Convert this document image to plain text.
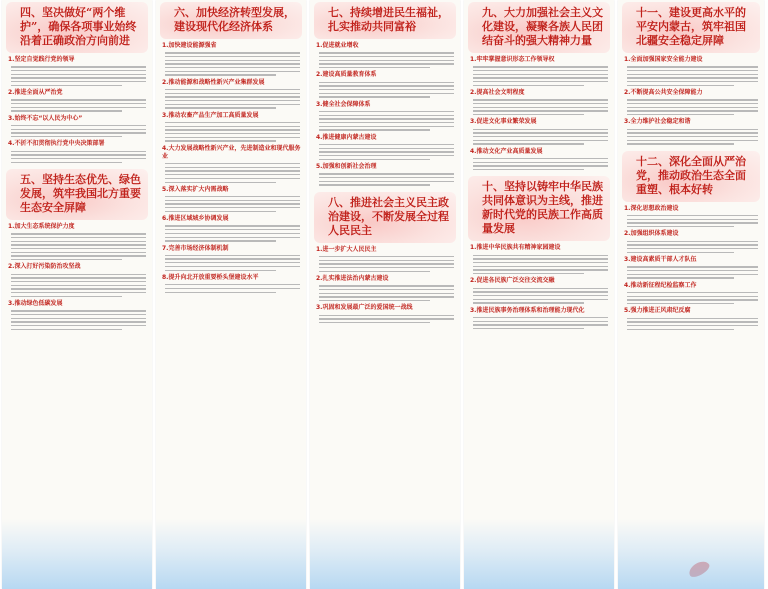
四、坚决做好“两个维护”，确保各项事业始终沿着正确政治方向前进
1.坚定自觉践行党的领导
2.推进全面从严治党
3.始终不忘“以人民为中心”
4.不折不扣贯彻执行党中央决策部署
五、坚持生态优先、绿色发展，筑牢我国北方重要生态安全屏障
1.加大生态系统保护力度
2.深入打好污染防治攻坚战
3.推动绿色低碳发展
六、加快经济转型发展，建设现代化经济体系
1.加快建设能源强省
2.推动能源和战略性新兴产业集群发展
3.推动农畜产品生产加工高质量发展
4.大力发展战略性新兴产业，先进制造业和现代服务业
5.深入落实扩大内需战略
6.推进区域城乡协调发展
7.完善市场经济体制机制
8.提升向北开放重要桥头堡建设水平
七、持续增进民生福祉，扎实推动共同富裕
1.促进就业增收
2.建设高质量教育体系
3.健全社会保障体系
4.推进健康内蒙古建设
5.加强和创新社会治理
八、推进社会主义民主政治建设，不断发展全过程人民民主
1.进一步扩大人民民主
2.扎实推进法治内蒙古建设
3.巩固和发展最广泛的爱国统一战线
九、大力加强社会主义文化建设，凝聚各族人民团结奋斗的强大精神力量
1.牢牢掌握意识形态工作领导权
2.提高社会文明程度
3.促进文化事业繁荣发展
4.推动文化产业高质量发展
十、坚持以铸牢中华民族共同体意识为主线，推进新时代党的民族工作高质量发展
1.推进中华民族共有精神家园建设
2.促进各民族广泛交往交流交融
3.推进民族事务治理体系和治理能力现代化
十一、建设更高水平的平安内蒙古，筑牢祖国北疆安全稳定屏障
1.全面加强国家安全能力建设
2.不断提高公共安全保障能力
3.全力维护社会稳定和谐
十二、深化全面从严治党，推动政治生态全面重塑、根本好转
1.深化思想政治建设
2.加强组织体系建设
3.建设高素质干部人才队伍
4.推动新征程纪检监察工作
5.强力推进正风肃纪反腐
